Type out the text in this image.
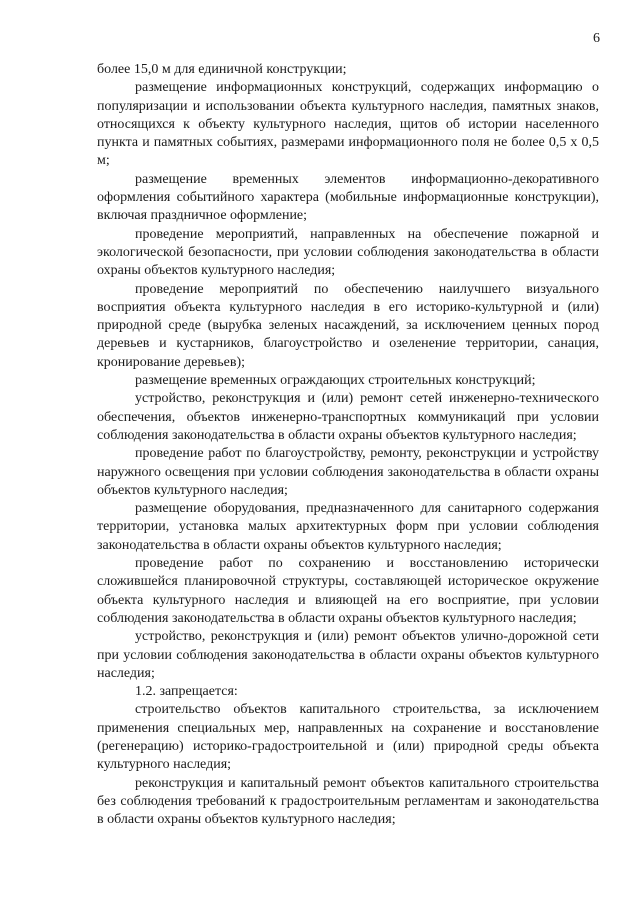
6

более 15,0 м для единичной конструкции;

размещение информационных конструкций, содержащих информацию о популяризации и использовании объекта культурного наследия, памятных знаков, относящихся к объекту культурного наследия, щитов об истории населенного пункта и памятных событиях, размерами информационного поля не более 0,5 х 0,5 м;

размещение временных элементов информационно-декоративного оформления событийного характера (мобильные информационные конструкции), включая праздничное оформление;

проведение мероприятий, направленных на обеспечение пожарной и экологической безопасности, при условии соблюдения законодательства в области охраны объектов культурного наследия;

проведение мероприятий по обеспечению наилучшего визуального восприятия объекта культурного наследия в его историко-культурной и (или) природной среде (вырубка зеленых насаждений, за исключением ценных пород деревьев и кустарников, благоустройство и озеленение территории, санация, кронирование деревьев);

размещение временных ограждающих строительных конструкций;

устройство, реконструкция и (или) ремонт сетей инженерно-технического обеспечения, объектов инженерно-транспортных коммуникаций при условии соблюдения законодательства в области охраны объектов культурного наследия;

проведение работ по благоустройству, ремонту, реконструкции и устройству наружного освещения при условии соблюдения законодательства в области охраны объектов культурного наследия;

размещение оборудования, предназначенного для санитарного содержания территории, установка малых архитектурных форм при условии соблюдения законодательства в области охраны объектов культурного наследия;

проведение работ по сохранению и восстановлению исторически сложившейся планировочной структуры, составляющей историческое окружение объекта культурного наследия и влияющей на его восприятие, при условии соблюдения законодательства в области охраны объектов культурного наследия;

устройство, реконструкция и (или) ремонт объектов улично-дорожной сети при условии соблюдения законодательства в области охраны объектов культурного наследия;

1.2. запрещается:

строительство объектов капитального строительства, за исключением применения специальных мер, направленных на сохранение и восстановление (регенерацию) историко-градостроительной и (или) природной среды объекта культурного наследия;

реконструкция и капитальный ремонт объектов капитального строительства без соблюдения требований к градостроительным регламентам и законодательства в области охраны объектов культурного наследия;
